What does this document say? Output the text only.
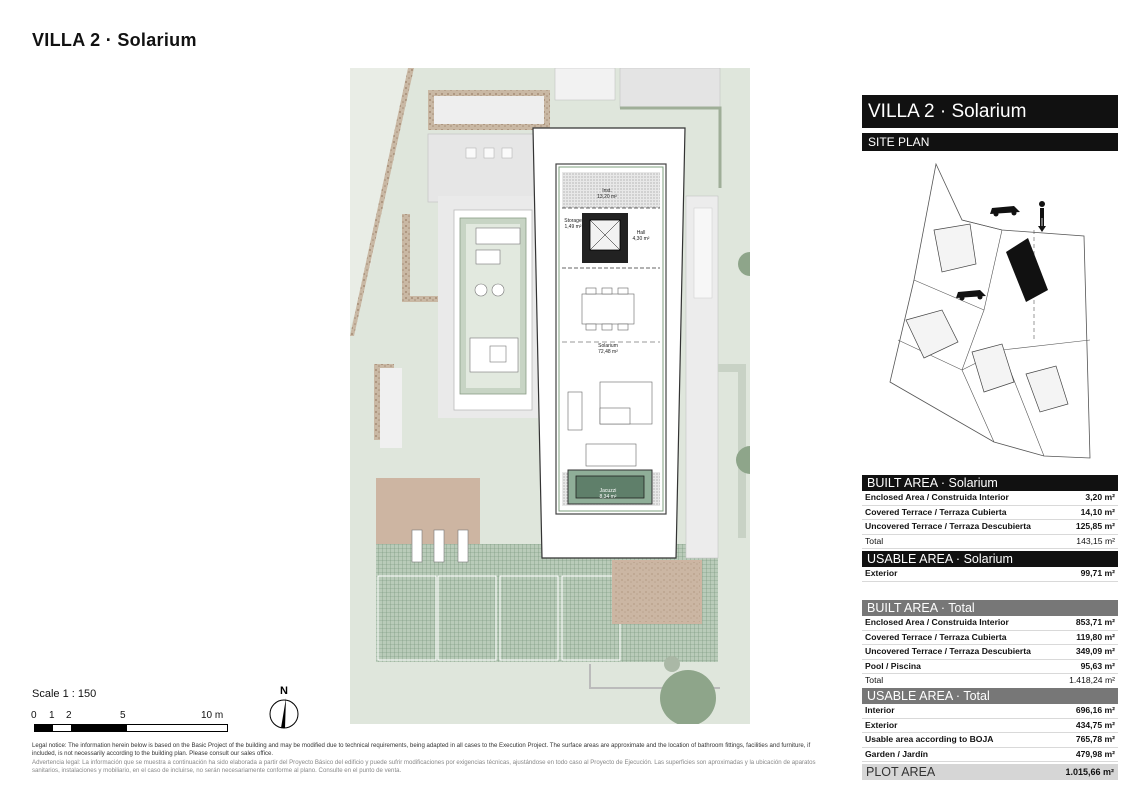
VILLA 2 · Solarium
Inst.
13,20 m²
Storage
1,49 m²
Hall
4,30 m²
Solarium
72,48 m²
Jacuzzi
8,34 m²
Scale 1 : 150
0 1 2	5	10 m
N
Legal notice: The information herein below is based on the Basic Project of the building and may be modified due to technical requirements, being adapted in all cases to the Execution Project. The surface areas are approximate and the location of bathroom fittings, facilities and furniture, if included, is not necessarily according to the building plan. Please consult our sales office.
Advertencia legal: La información que se muestra a continuación ha sido elaborada a partir del Proyecto Básico del edificio y puede sufrir modificaciones por exigencias técnicas, ajustándose en todo caso al Proyecto de Ejecución. Las superficies son aproximadas y la ubicación de aparatos sanitarios, instalaciones y mobiliario, en el caso de incluirse, no serán necesariamente conforme al plano. Consulte en el punto de venta.
VILLA 2 · Solarium
SITE PLAN
BUILT AREA · Solarium
Enclosed Area / Construida Interior	3,20 m²
Covered Terrace / Terraza Cubierta	14,10 m²
Uncovered Terrace / Terraza Descubierta	125,85 m²
Total	143,15 m²
USABLE AREA · Solarium
Exterior	99,71 m²
BUILT AREA · Total
Enclosed Area / Construida Interior	853,71 m²
Covered Terrace / Terraza Cubierta	119,80 m²
Uncovered Terrace / Terraza Descubierta	349,09 m²
Pool / Piscina	95,63 m²
Total	1.418,24 m²
USABLE AREA · Total
Interior	696,16 m²
Exterior	434,75 m²
Usable area according to BOJA	765,78 m²
Garden / Jardín	479,98 m²
PLOT AREA	1.015,66 m²
